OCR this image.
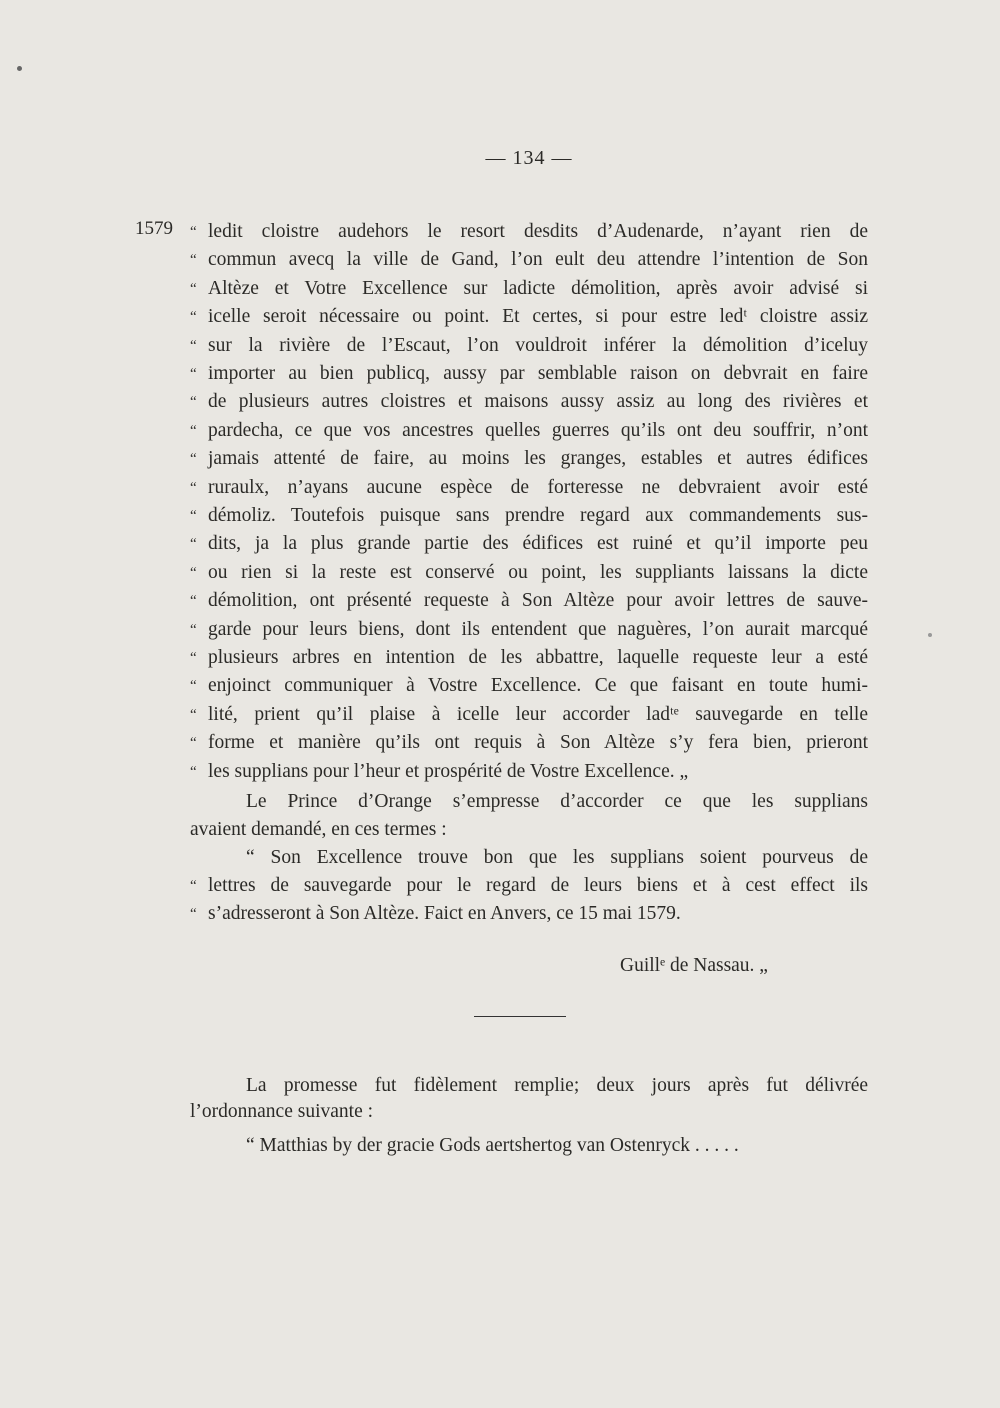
— 134 —
1579 “ ledit cloistre audehors le resort desdits d’Audenarde, n’ayant rien de
“ commun avecq la ville de Gand, l’on eult deu attendre l’intention de Son
“ Altèze et Votre Excellence sur ladicte démolition, après avoir advisé si
“ icelle seroit nécessaire ou point. Et certes, si pour estre ledᵗ cloistre assiz
“ sur la rivière de l’Escaut, l’on vouldroit inférer la démolition d’iceluy
“ importer au bien publicq, aussy par semblable raison on debvrait en faire
“ de plusieurs autres cloistres et maisons aussy assiz au long des rivières et
“ pardecha, ce que vos ancestres quelles guerres qu’ils ont deu souffrir, n’ont
“ jamais attenté de faire, au moins les granges, estables et autres édifices
“ ruraulx, n’ayans aucune espèce de forteresse ne debvraient avoir esté
“ démoliz. Toutefois puisque sans prendre regard aux commandements sus-
“ dits, ja la plus grande partie des édifices est ruiné et qu’il importe peu
“ ou rien si la reste est conservé ou point, les suppliants laissans la dicte
“ démolition, ont présenté requeste à Son Altèze pour avoir lettres de sauve-
“ garde pour leurs biens, dont ils entendent que naguères, l’on aurait marcqué
“ plusieurs arbres en intention de les abbattre, laquelle requeste leur a esté
“ enjoinct communiquer à Vostre Excellence. Ce que faisant en toute humi-
“ lité, prient qu’il plaise à icelle leur accorder ladᵗᵉ sauvegarde en telle
“ forme et manière qu’ils ont requis à Son Altèze s’y fera bien, prieront
“ les supplians pour l’heur et prospérité de Vostre Excellence. „
Le Prince d’Orange s’empresse d’accorder ce que les supplians
avaient demandé, en ces termes :
“ Son Excellence trouve bon que les supplians soient pourveus de
“ lettres de sauvegarde pour le regard de leurs biens et à cest effect ils
“ s’adresseront à Son Altèze. Faict en Anvers, ce 15 mai 1579.
Guillᵉ de Nassau. „
La promesse fut fidèlement remplie; deux jours après fut délivrée
l’ordonnance suivante :
“ Matthias by der gracie Gods aertshertog van Ostenryck . . . . .
